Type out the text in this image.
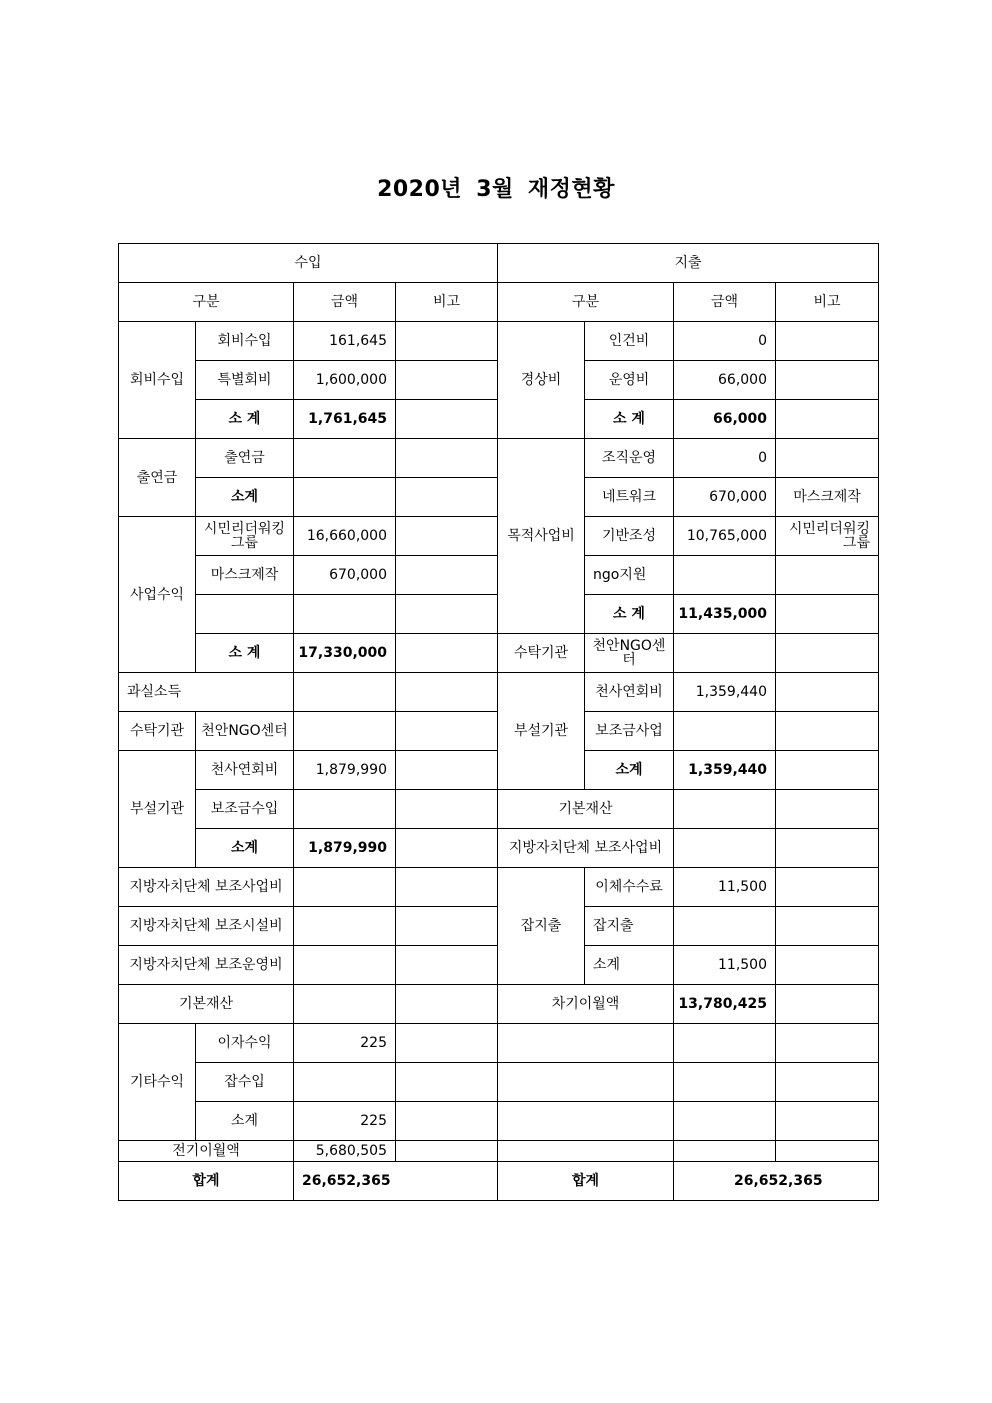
2020년 3월 재정현황
수입				지출			
구분		금액	비고	구분		금액	비고
회비수입	회비수입	161,645		경상비	인건비	0	
	특별회비	1,600,000			운영비	66,000	
	소 계	1,761,645			소 계	66,000	
출연금	출연금			목적사업비	조직운영	0	
	소계				네트워크	670,000	마스크제작
사업수익	시민리더워킹그룹	16,660,000			기반조성	10,765,000	시민리더워킹그룹
	마스크제작	670,000			ngo지원		
					소 계	11,435,000	
	소 계	17,330,000		수탁기관	천안NGO센터		
과실소득				부설기관	천사연회비	1,359,440	
수탁기관	천안NGO센터				보조금사업		
부설기관	천사연회비	1,879,990			소계	1,359,440	
	보조금수입			기본재산			
	소계	1,879,990		지방자치단체 보조사업비			
지방자치단체 보조사업비				잡지출	이체수수료	11,500	
지방자치단체 보조시설비					잡지출		
지방자치단체 보조운영비					소계	11,500	
기본재산				차기이월액		13,780,425	
기타수익	이자수익	225					
	잡수입						
	소계	225					
전기이월액		5,680,505					
합계		26,652,365		합계		26,652,365	
